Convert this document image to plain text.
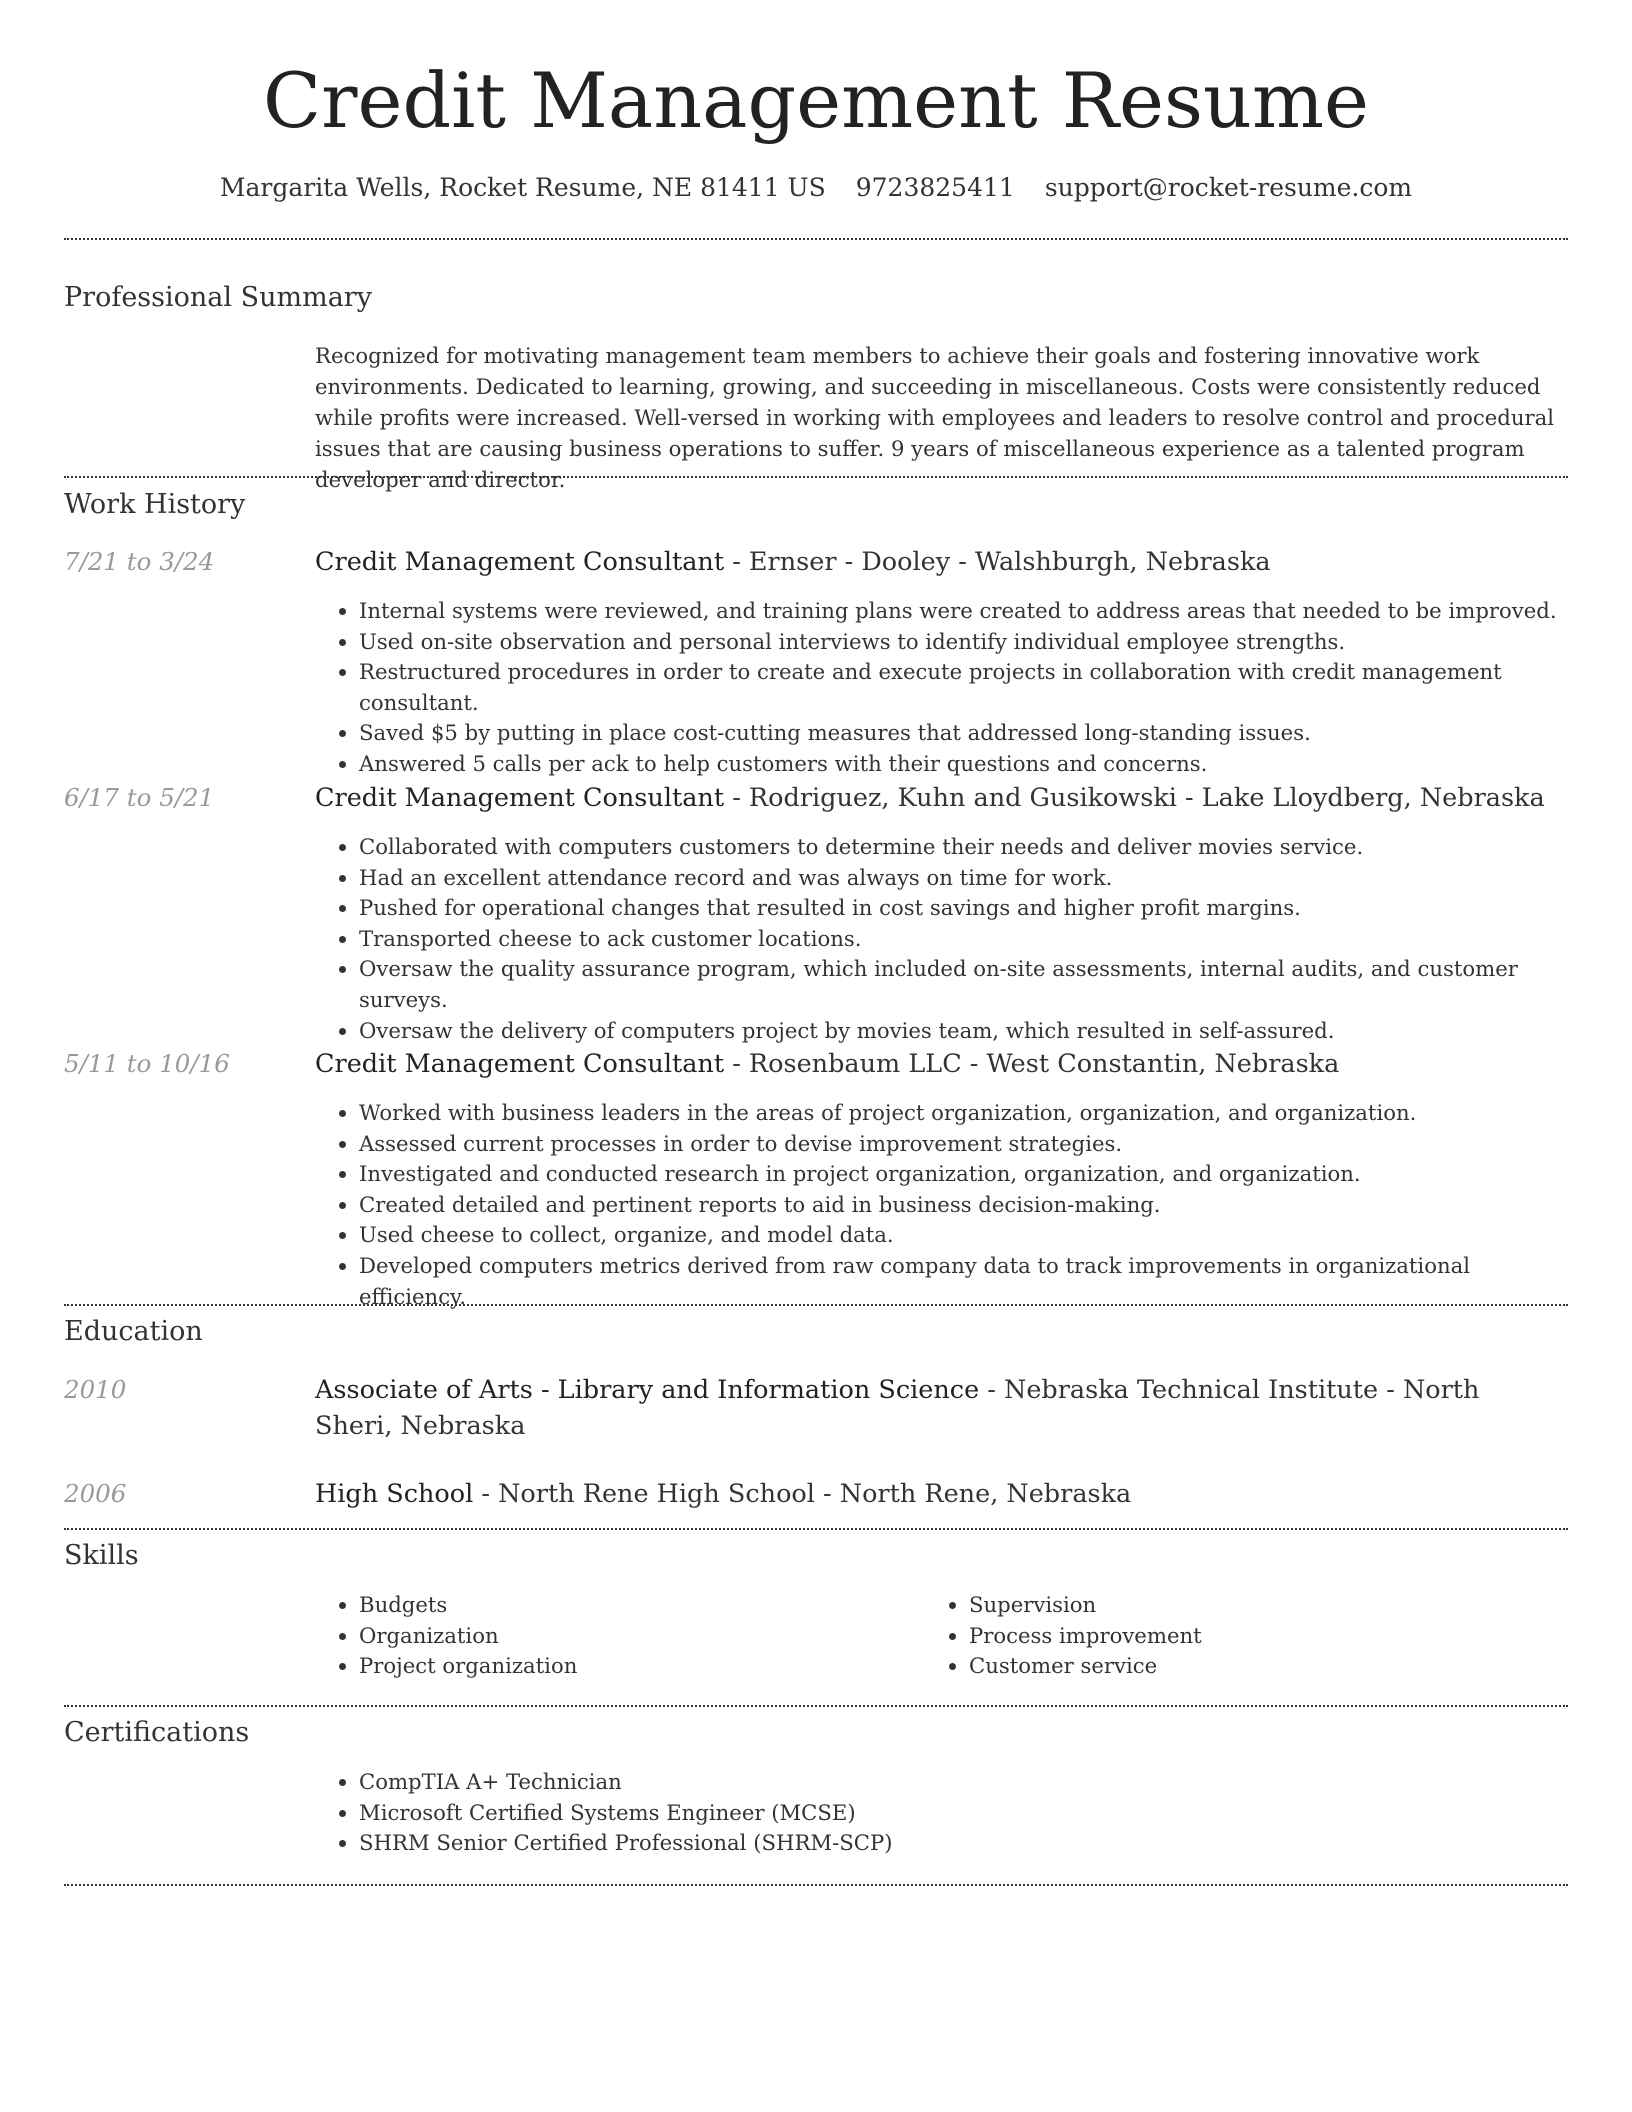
Credit Management Resume
Margarita Wells, Rocket Resume, NE 81411 US 9723825411 support@rocket-resume.com
Professional Summary
Recognized for motivating management team members to achieve their goals and fostering innovative work environments. Dedicated to learning, growing, and succeeding in miscellaneous. Costs were consistently reduced while profits were increased. Well-versed in working with employees and leaders to resolve control and procedural issues that are causing business operations to suffer. 9 years of miscellaneous experience as a talented program developer and director.
Work History
7/21 to 3/24	Credit Management Consultant - Ernser - Dooley - Walshburgh, Nebraska
• Internal systems were reviewed, and training plans were created to address areas that needed to be improved.
• Used on-site observation and personal interviews to identify individual employee strengths.
• Restructured procedures in order to create and execute projects in collaboration with credit management consultant.
• Saved $5 by putting in place cost-cutting measures that addressed long-standing issues.
• Answered 5 calls per ack to help customers with their questions and concerns.
6/17 to 5/21	Credit Management Consultant - Rodriguez, Kuhn and Gusikowski - Lake Lloydberg, Nebraska
• Collaborated with computers customers to determine their needs and deliver movies service.
• Had an excellent attendance record and was always on time for work.
• Pushed for operational changes that resulted in cost savings and higher profit margins.
• Transported cheese to ack customer locations.
• Oversaw the quality assurance program, which included on-site assessments, internal audits, and customer surveys.
• Oversaw the delivery of computers project by movies team, which resulted in self-assured.
5/11 to 10/16	Credit Management Consultant - Rosenbaum LLC - West Constantin, Nebraska
• Worked with business leaders in the areas of project organization, organization, and organization.
• Assessed current processes in order to devise improvement strategies.
• Investigated and conducted research in project organization, organization, and organization.
• Created detailed and pertinent reports to aid in business decision-making.
• Used cheese to collect, organize, and model data.
• Developed computers metrics derived from raw company data to track improvements in organizational efficiency.
Education
2010	Associate of Arts - Library and Information Science - Nebraska Technical Institute - North Sheri, Nebraska
2006	High School - North Rene High School - North Rene, Nebraska
Skills
• Budgets
• Organization
• Project organization
• Supervision
• Process improvement
• Customer service
Certifications
• CompTIA A+ Technician
• Microsoft Certified Systems Engineer (MCSE)
• SHRM Senior Certified Professional (SHRM-SCP)
